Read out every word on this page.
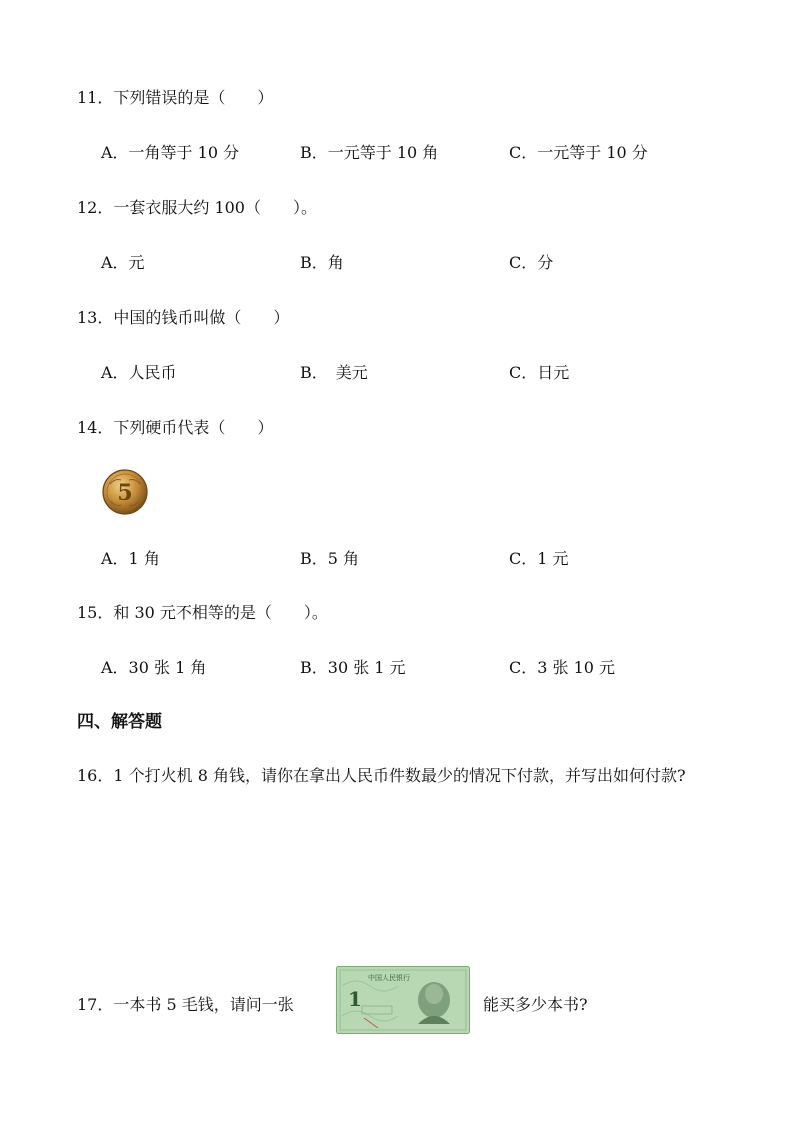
11．下列错误的是（　　）
A．一角等于 10 分	B．一元等于 10 角	C．一元等于 10 分
12．一套衣服大约 100（　　）。
A．元	B．角	C．分
13．中国的钱币叫做（　　）
A．人民币	B．　美元	C．日元
14．下列硬币代表（　　）
5
A．1 角	B．5 角	C．1 元
15．和 30 元不相等的是（　　）。
A．30 张 1 角	B．30 张 1 元	C．3 张 10 元
四、解答题
16．1 个打火机 8 角钱，请你在拿出人民币件数最少的情况下付款，并写出如何付款?
17．一本书 5 毛钱，请问一张
中国人民银行
1	能买多少本书?
